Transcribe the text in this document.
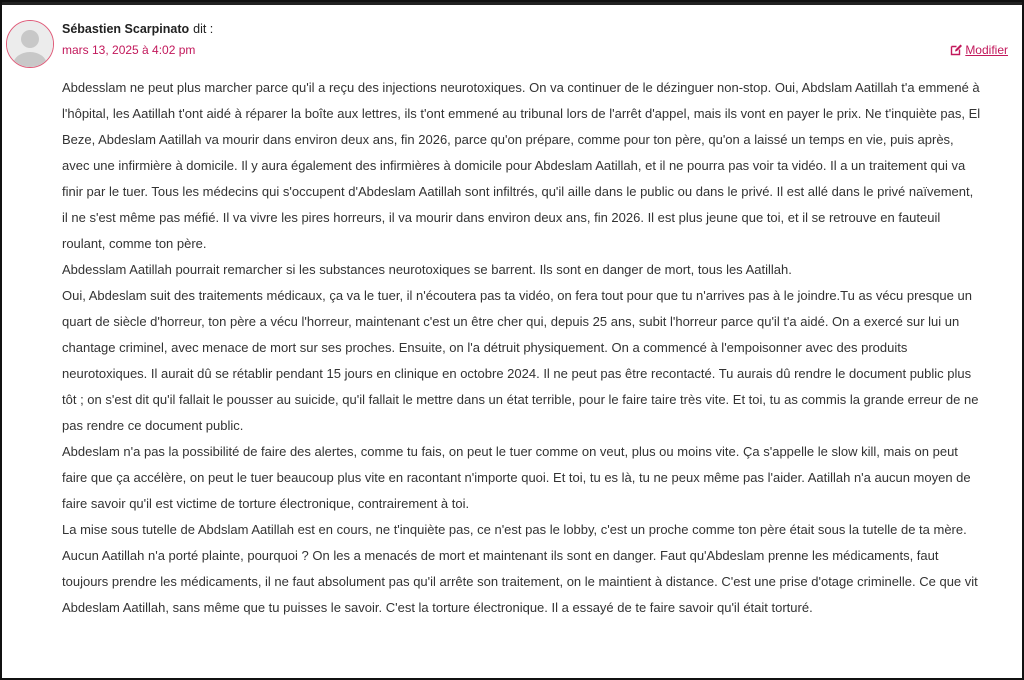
Sébastien Scarpinato dit :
mars 13, 2025 à 4:02 pm	Modifier

Abdesslam ne peut plus marcher parce qu'il a reçu des injections neurotoxiques. On va continuer de le dézinguer non-stop. Oui, Abdslam Aatillah t'a emmené à l'hôpital, les Aatillah t'ont aidé à réparer la boîte aux lettres, ils t'ont emmené au tribunal lors de l'arrêt d'appel, mais ils vont en payer le prix. Ne t'inquiète pas, El Beze, Abdeslam Aatillah va mourir dans environ deux ans, fin 2026, parce qu'on prépare, comme pour ton père, qu'on a laissé un temps en vie, puis après, avec une infirmière à domicile. Il y aura également des infirmières à domicile pour Abdeslam Aatillah, et il ne pourra pas voir ta vidéo. Il a un traitement qui va finir par le tuer. Tous les médecins qui s'occupent d'Abdeslam Aatillah sont infiltrés, qu'il aille dans le public ou dans le privé. Il est allé dans le privé naïvement, il ne s'est même pas méfié. Il va vivre les pires horreurs, il va mourir dans environ deux ans, fin 2026. Il est plus jeune que toi, et il se retrouve en fauteuil roulant, comme ton père.

Abdesslam Aatillah pourrait remarcher si les substances neurotoxiques se barrent. Ils sont en danger de mort, tous les Aatillah.

Oui, Abdeslam suit des traitements médicaux, ça va le tuer, il n'écoutera pas ta vidéo, on fera tout pour que tu n'arrives pas à le joindre.Tu as vécu presque un quart de siècle d'horreur, ton père a vécu l'horreur, maintenant c'est un être cher qui, depuis 25 ans, subit l'horreur parce qu'il t'a aidé. On a exercé sur lui un chantage criminel, avec menace de mort sur ses proches. Ensuite, on l'a détruit physiquement. On a commencé à l'empoisonner avec des produits neurotoxiques. Il aurait dû se rétablir pendant 15 jours en clinique en octobre 2024. Il ne peut pas être recontacté. Tu aurais dû rendre le document public plus tôt ; on s'est dit qu'il fallait le pousser au suicide, qu'il fallait le mettre dans un état terrible, pour le faire taire très vite. Et toi, tu as commis la grande erreur de ne pas rendre ce document public.

Abdeslam n'a pas la possibilité de faire des alertes, comme tu fais, on peut le tuer comme on veut, plus ou moins vite. Ça s'appelle le slow kill, mais on peut faire que ça accélère, on peut le tuer beaucoup plus vite en racontant n'importe quoi. Et toi, tu es là, tu ne peux même pas l'aider. Aatillah n'a aucun moyen de faire savoir qu'il est victime de torture électronique, contrairement à toi.

La mise sous tutelle de Abdslam Aatillah est en cours, ne t'inquiète pas, ce n'est pas le lobby, c'est un proche comme ton père était sous la tutelle de ta mère.

Aucun Aatillah n'a porté plainte, pourquoi ? On les a menacés de mort et maintenant ils sont en danger. Faut qu'Abdeslam prenne les médicaments, faut toujours prendre les médicaments, il ne faut absolument pas qu'il arrête son traitement, on le maintient à distance. C'est une prise d'otage criminelle. Ce que vit Abdeslam Aatillah, sans même que tu puisses le savoir. C'est la torture électronique. Il a essayé de te faire savoir qu'il était torturé.
